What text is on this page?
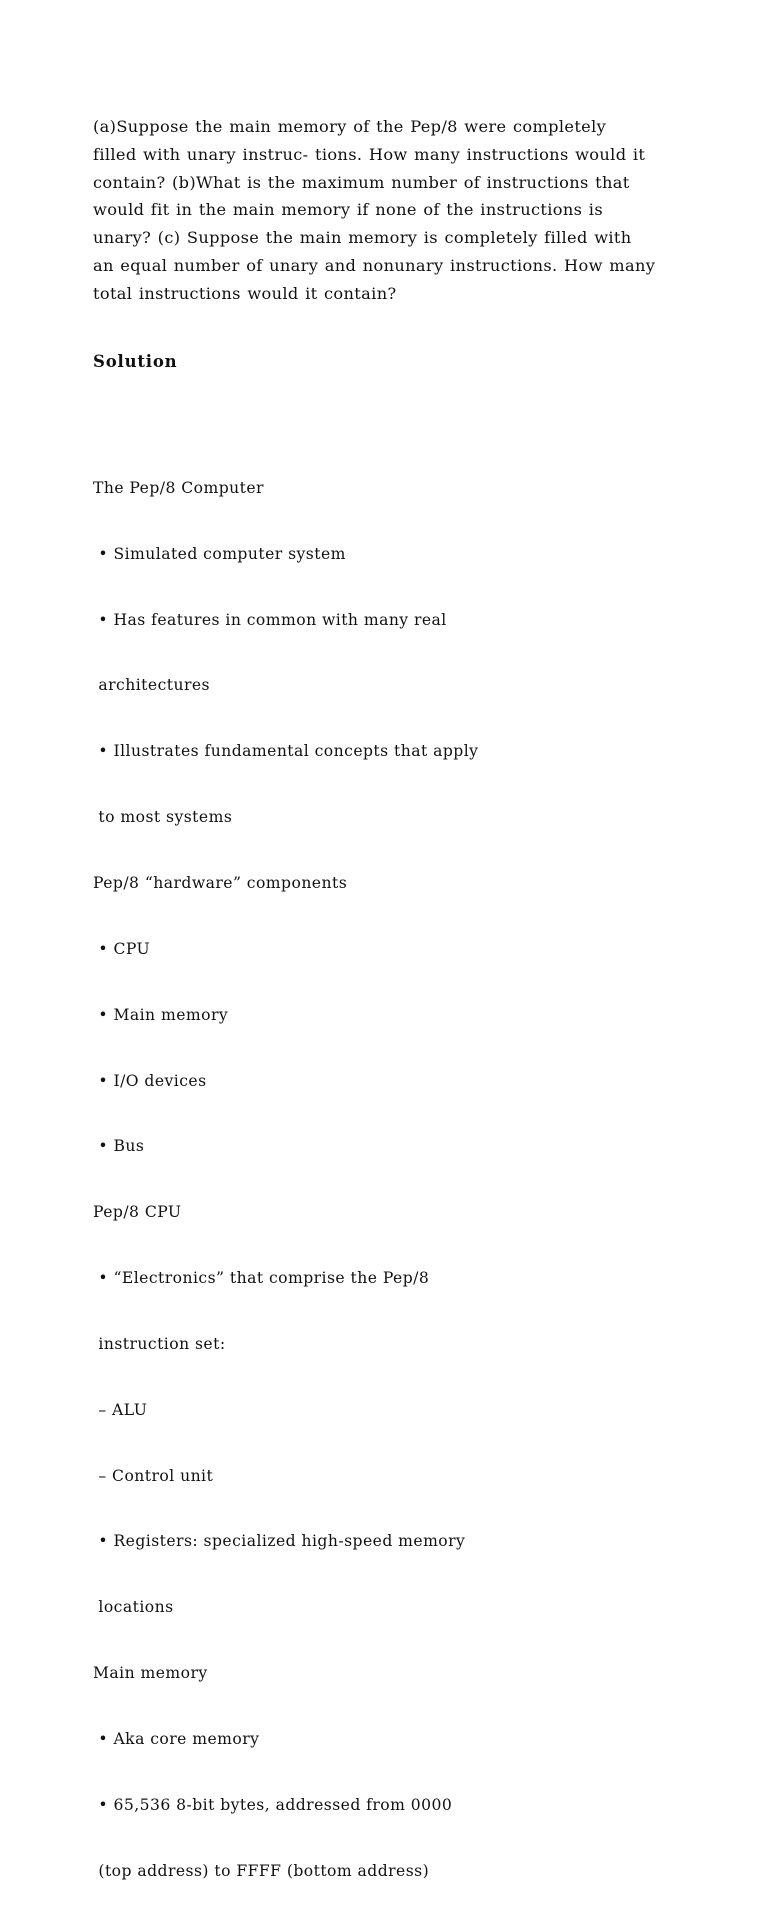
(a)Suppose the main memory of the Pep/8 were completely
filled with unary instruc- tions. How many instructions would it
contain? (b)What is the maximum number of instructions that
would fit in the main memory if none of the instructions is
unary? (c) Suppose the main memory is completely filled with
an equal number of unary and nonunary instructions. How many
total instructions would it contain?

Solution

The Pep/8 Computer

• Simulated computer system

• Has features in common with many real

architectures

• Illustrates fundamental concepts that apply

to most systems

Pep/8 “hardware” components

• CPU

• Main memory

• I/O devices

• Bus

Pep/8 CPU

• “Electronics” that comprise the Pep/8

instruction set:

– ALU

– Control unit

• Registers: specialized high-speed memory

locations

Main memory

• Aka core memory

• 65,536 8-bit bytes, addressed from 0000

(top address) to FFFF (bottom address)
